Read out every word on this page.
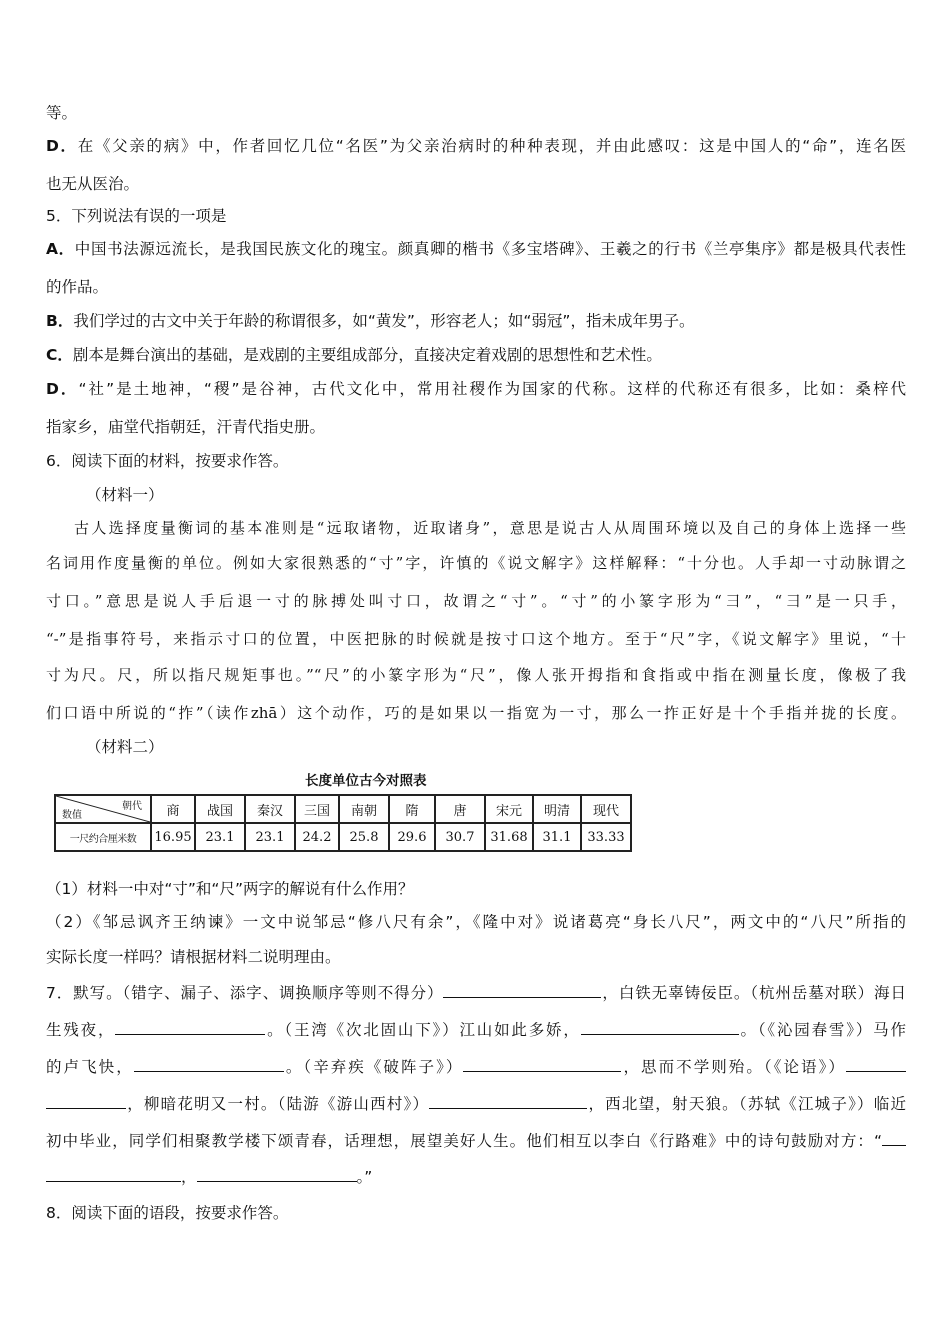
等。
D．在《父亲的病》中，作者回忆几位“名医”为父亲治病时的种种表现，并由此感叹：这是中国人的“命”，连名医
也无从医治。
5．下列说法有误的一项是
A．中国书法源远流长，是我国民族文化的瑰宝。颜真卿的楷书《多宝塔碑》、王羲之的行书《兰亭集序》都是极具代表性
的作品。
B．我们学过的古文中关于年龄的称谓很多，如“黄发”，形容老人；如“弱冠”，指未成年男子。
C．剧本是舞台演出的基础，是戏剧的主要组成部分，直接决定着戏剧的思想性和艺术性。
D．“社”是土地神，“稷”是谷神，古代文化中，常用社稷作为国家的代称。这样的代称还有很多，比如：桑梓代
指家乡，庙堂代指朝廷，汗青代指史册。
6．阅读下面的材料，按要求作答。
（材料一）
古人选择度量衡词的基本准则是“远取诸物，近取诸身”，意思是说古人从周围环境以及自己的身体上选择一些
名词用作度量衡的单位。例如大家很熟悉的“寸”字，许慎的《说文解字》这样解释：“十分也。人手却一寸动脉谓之
寸口。”意思是说人手后退一寸的脉搏处叫寸口，故谓之“寸”。“寸”的小篆字形为“彐”，“彐”是一只手，
“-”是指事符号，来指示寸口的位置，中医把脉的时候就是按寸口这个地方。至于“尺”字，《说文解字》里说，“十
寸为尺。尺，所以指尺规矩事也。”“尺”的小篆字形为“尺”，像人张开拇指和食指或中指在测量长度，像极了我
们口语中所说的“拃”（读作zhā）这个动作，巧的是如果以一指宽为一寸，那么一拃正好是十个手指并拢的长度。
（材料二）
长度单位古今对照表
朝代
数值	商	战国	秦汉	三国	南朝	隋	唐	宋元	明清	现代
一尺约合厘米数	16.95	23.1	23.1	24.2	25.8	29.6	30.7	31.68	31.1	33.33
（1）材料一中对“寸”和“尺”两字的解说有什么作用？
（2）《邹忌讽齐王纳谏》一文中说邹忌“修八尺有余”，《隆中对》说诸葛亮“身长八尺”，两文中的“八尺”所指的
实际长度一样吗？请根据材料二说明理由。
7．默写。（错字、漏子、添字、调换顺序等则不得分）	，白铁无辜铸佞臣。（杭州岳墓对联）海日
生残夜，	。（王湾《次北固山下》）江山如此多娇，	。（《沁园春雪》）马作
的卢飞快，	。（辛弃疾《破阵子》）	，思而不学则殆。（《论语》）
，柳暗花明又一村。（陆游《游山西村》）	，西北望，射天狼。（苏轼《江城子》）临近
初中毕业，同学们相聚教学楼下颂青春，话理想，展望美好人生。他们相互以李白《行路难》中的诗句鼓励对方：“
，	。”
8．阅读下面的语段，按要求作答。
